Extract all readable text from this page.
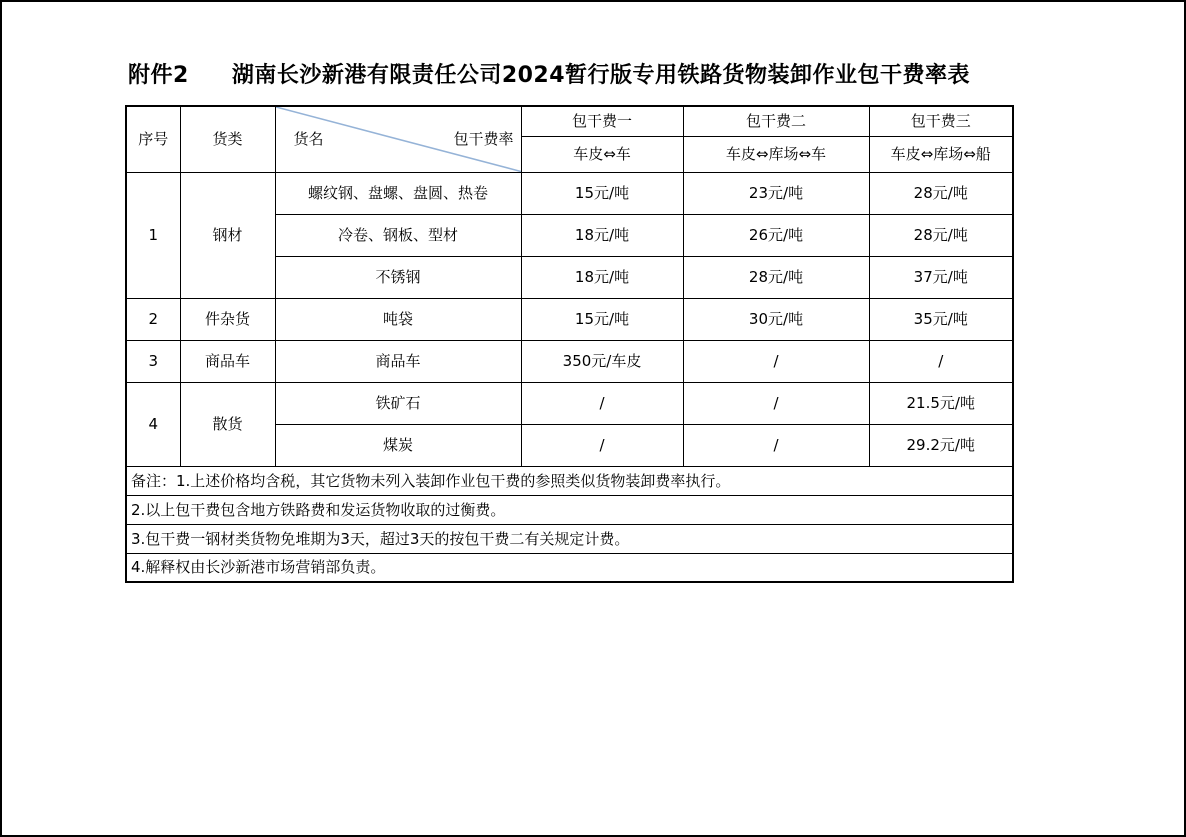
附件2 湖南长沙新港有限责任公司2024暂行版专用铁路货物装卸作业包干费率表
序号	货类	货名 包干费率	包干费一	包干费二	包干费三
			车皮⇔车	车皮⇔库场⇔车	车皮⇔库场⇔船
1	钢材	螺纹钢、盘螺、盘圆、热卷	15元/吨	23元/吨	28元/吨
		冷卷、钢板、型材	18元/吨	26元/吨	28元/吨
		不锈钢	18元/吨	28元/吨	37元/吨
2	件杂货	吨袋	15元/吨	30元/吨	35元/吨
3	商品车	商品车	350元/车皮	/	/
4	散货	铁矿石	/	/	21.5元/吨
		煤炭	/	/	29.2元/吨
备注：1.上述价格均含税，其它货物未列入装卸作业包干费的参照类似货物装卸费率执行。					
2.以上包干费包含地方铁路费和发运货物收取的过衡费。					
3.包干费一钢材类货物免堆期为3天，超过3天的按包干费二有关规定计费。					
4.解释权由长沙新港市场营销部负责。					
